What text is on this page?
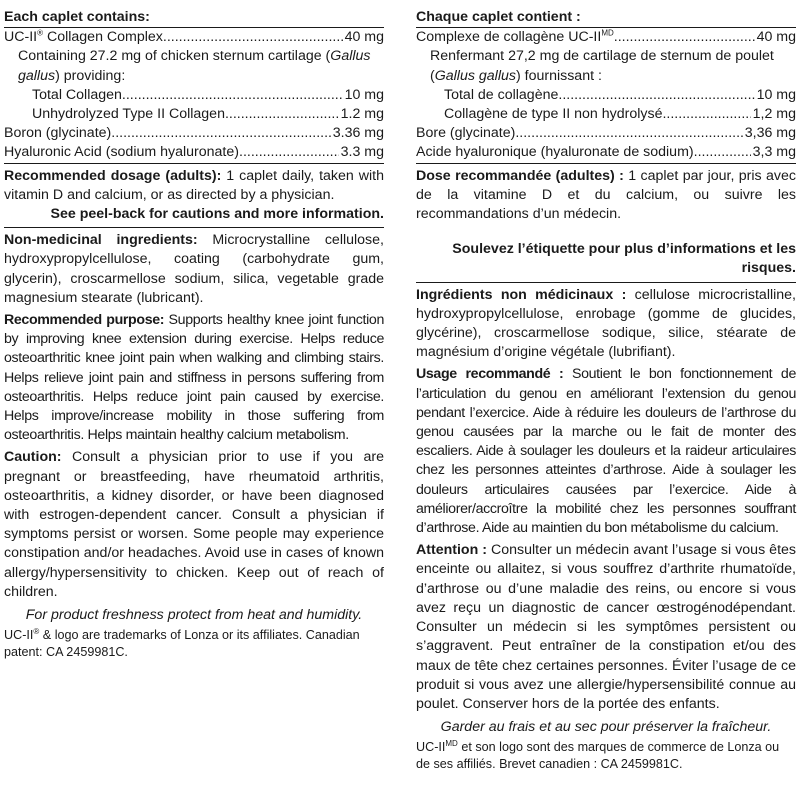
Each caplet contains:
UC-II® Collagen Complex .....	40 mg
Containing 27.2 mg of chicken sternum cartilage (Gallus gallus) providing:
Total Collagen .....	10 mg
Unhydrolyzed Type II Collagen .....	1.2 mg
Boron (glycinate) .....	3.36 mg
Hyaluronic Acid (sodium hyaluronate) .....	3.3 mg
Recommended dosage (adults): 1 caplet daily, taken with vitamin D and calcium, or as directed by a physician.
See peel-back for cautions and more information.
Non-medicinal ingredients: Microcrystalline cellulose, hydroxypropylcellulose, coating (carbohydrate gum, glycerin), croscarmellose sodium, silica, vegetable grade magnesium stearate (lubricant).
Recommended purpose: Supports healthy knee joint function by improving knee extension during exercise. Helps reduce osteoarthritic knee joint pain when walking and climbing stairs. Helps relieve joint pain and stiffness in persons suffering from osteoarthritis. Helps reduce joint pain caused by exercise. Helps improve/increase mobility in those suffering from osteoarthritis. Helps maintain healthy calcium metabolism.
Caution: Consult a physician prior to use if you are pregnant or breastfeeding, have rheumatoid arthritis, osteoarthritis, a kidney disorder, or have been diagnosed with estrogen-dependent cancer. Consult a physician if symptoms persist or worsen. Some people may experience constipation and/or headaches. Avoid use in cases of known allergy/hypersensitivity to chicken. Keep out of reach of children.
For product freshness protect from heat and humidity.
UC-II® & logo are trademarks of Lonza or its affiliates. Canadian patent: CA 2459981C.
Chaque caplet contient :
Complexe de collagène $UC-II^{MD}$ .....	40 mg
Renfermant 27,2 mg de cartilage de sternum de poulet (Gallus gallus) fournissant :
Total de collagène .....	10 mg
Collagène de type II non hydrolysé .....	1,2 mg
Bore (glycinate) .....	3,36 mg
Acide hyaluronique (hyaluronate de sodium) .....	3,3 mg
Dose recommandée (adultes) : 1 caplet par jour, pris avec de la vitamine D et du calcium, ou suivre les recommandations d’un médecin.
Soulevez l’étiquette pour plus d’informations et les risques.
Ingrédients non médicinaux : cellulose microcristalline, hydroxypropylcellulose, enrobage (gomme de glucides, glycérine), croscarmellose sodique, silice, stéarate de magnésium d’origine végétale (lubrifiant).
Usage recommandé : Soutient le bon fonctionnement de l’articulation du genou en améliorant l’extension du genou pendant l’exercice. Aide à réduire les douleurs de l’arthrose du genou causées par la marche ou le fait de monter des escaliers. Aide à soulager les douleurs et la raideur articulaires chez les personnes atteintes d’arthrose. Aide à soulager les douleurs articulaires causées par l’exercice. Aide à améliorer/accroître la mobilité chez les personnes souffrant d’arthrose. Aide au maintien du bon métabolisme du calcium.
Attention : Consulter un médecin avant l’usage si vous êtes enceinte ou allaitez, si vous souffrez d’arthrite rhumatoïde, d’arthrose ou d’une maladie des reins, ou encore si vous avez reçu un diagnostic de cancer œstrogénodépendant. Consulter un médecin si les symptômes persistent ou s’aggravent. Peut entraîner de la constipation et/ou des maux de tête chez certaines personnes. Éviter l’usage de ce produit si vous avez une allergie/hypersensibilité connue au poulet. Conserver hors de la portée des enfants.
Garder au frais et au sec pour préserver la fraîcheur.
$UC-II^{MD}$ et son logo sont des marques de commerce de Lonza ou de ses affiliés. Brevet canadien : CA 2459981C.
